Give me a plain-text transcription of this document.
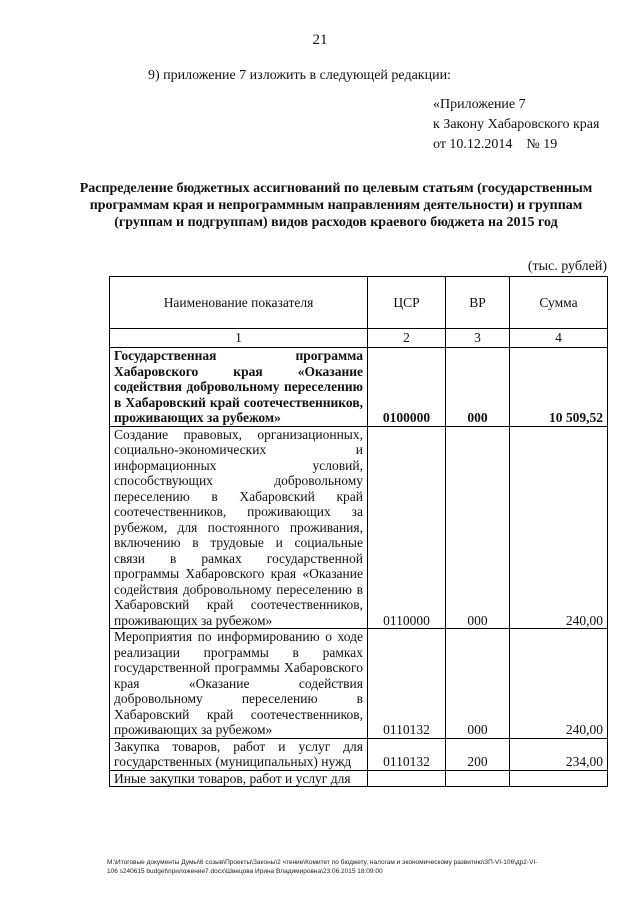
21
9) приложение 7 изложить в следующей редакции:
«Приложение 7
к Закону Хабаровского края
от 10.12.2014    № 19
Распределение бюджетных ассигнований по целевым статьям (государственным программам края и непрограммным направлениям деятельности) и группам (группам и подгруппам) видов расходов краевого бюджета на 2015 год
(тыс. рублей)
Наименование показателя	ЦСР	ВР	Сумма
1	2	3	4
Государственная программа Хабаровского края «Оказание содействия добровольному переселению в Хабаровский край соотечественников, проживающих за рубежом»	0100000	000	10 509,52
Создание правовых, организационных, социально-экономических и информационных условий, способствующих добровольному переселению в Хабаровский край соотечественников, проживающих за рубежом, для постоянного проживания, включению в трудовые и социальные связи в рамках государственной программы Хабаровского края «Оказание содействия добровольному переселению в Хабаровский край соотечественников, проживающих за рубежом»	0110000	000	240,00
Мероприятия по информированию о ходе реализации программы в рамках государственной программы Хабаровского края «Оказание содействия добровольному переселению в Хабаровский край соотечественников, проживающих за рубежом»	0110132	000	240,00
Закупка товаров, работ и услуг для государственных (муниципальных) нужд	0110132	200	234,00
Иные закупки товаров, работ и услуг для			
M:\Итоговые документы Думы\6 созыв\Проекты\Законы\2 чтение\Комитет по бюджету, налогам и экономическому развитию\ЗП-VI-106\др2-VI-
106 s240615 budget\приложение7.docx\Швецова Ирина Владимировна\23.06.2015 18:09:00
